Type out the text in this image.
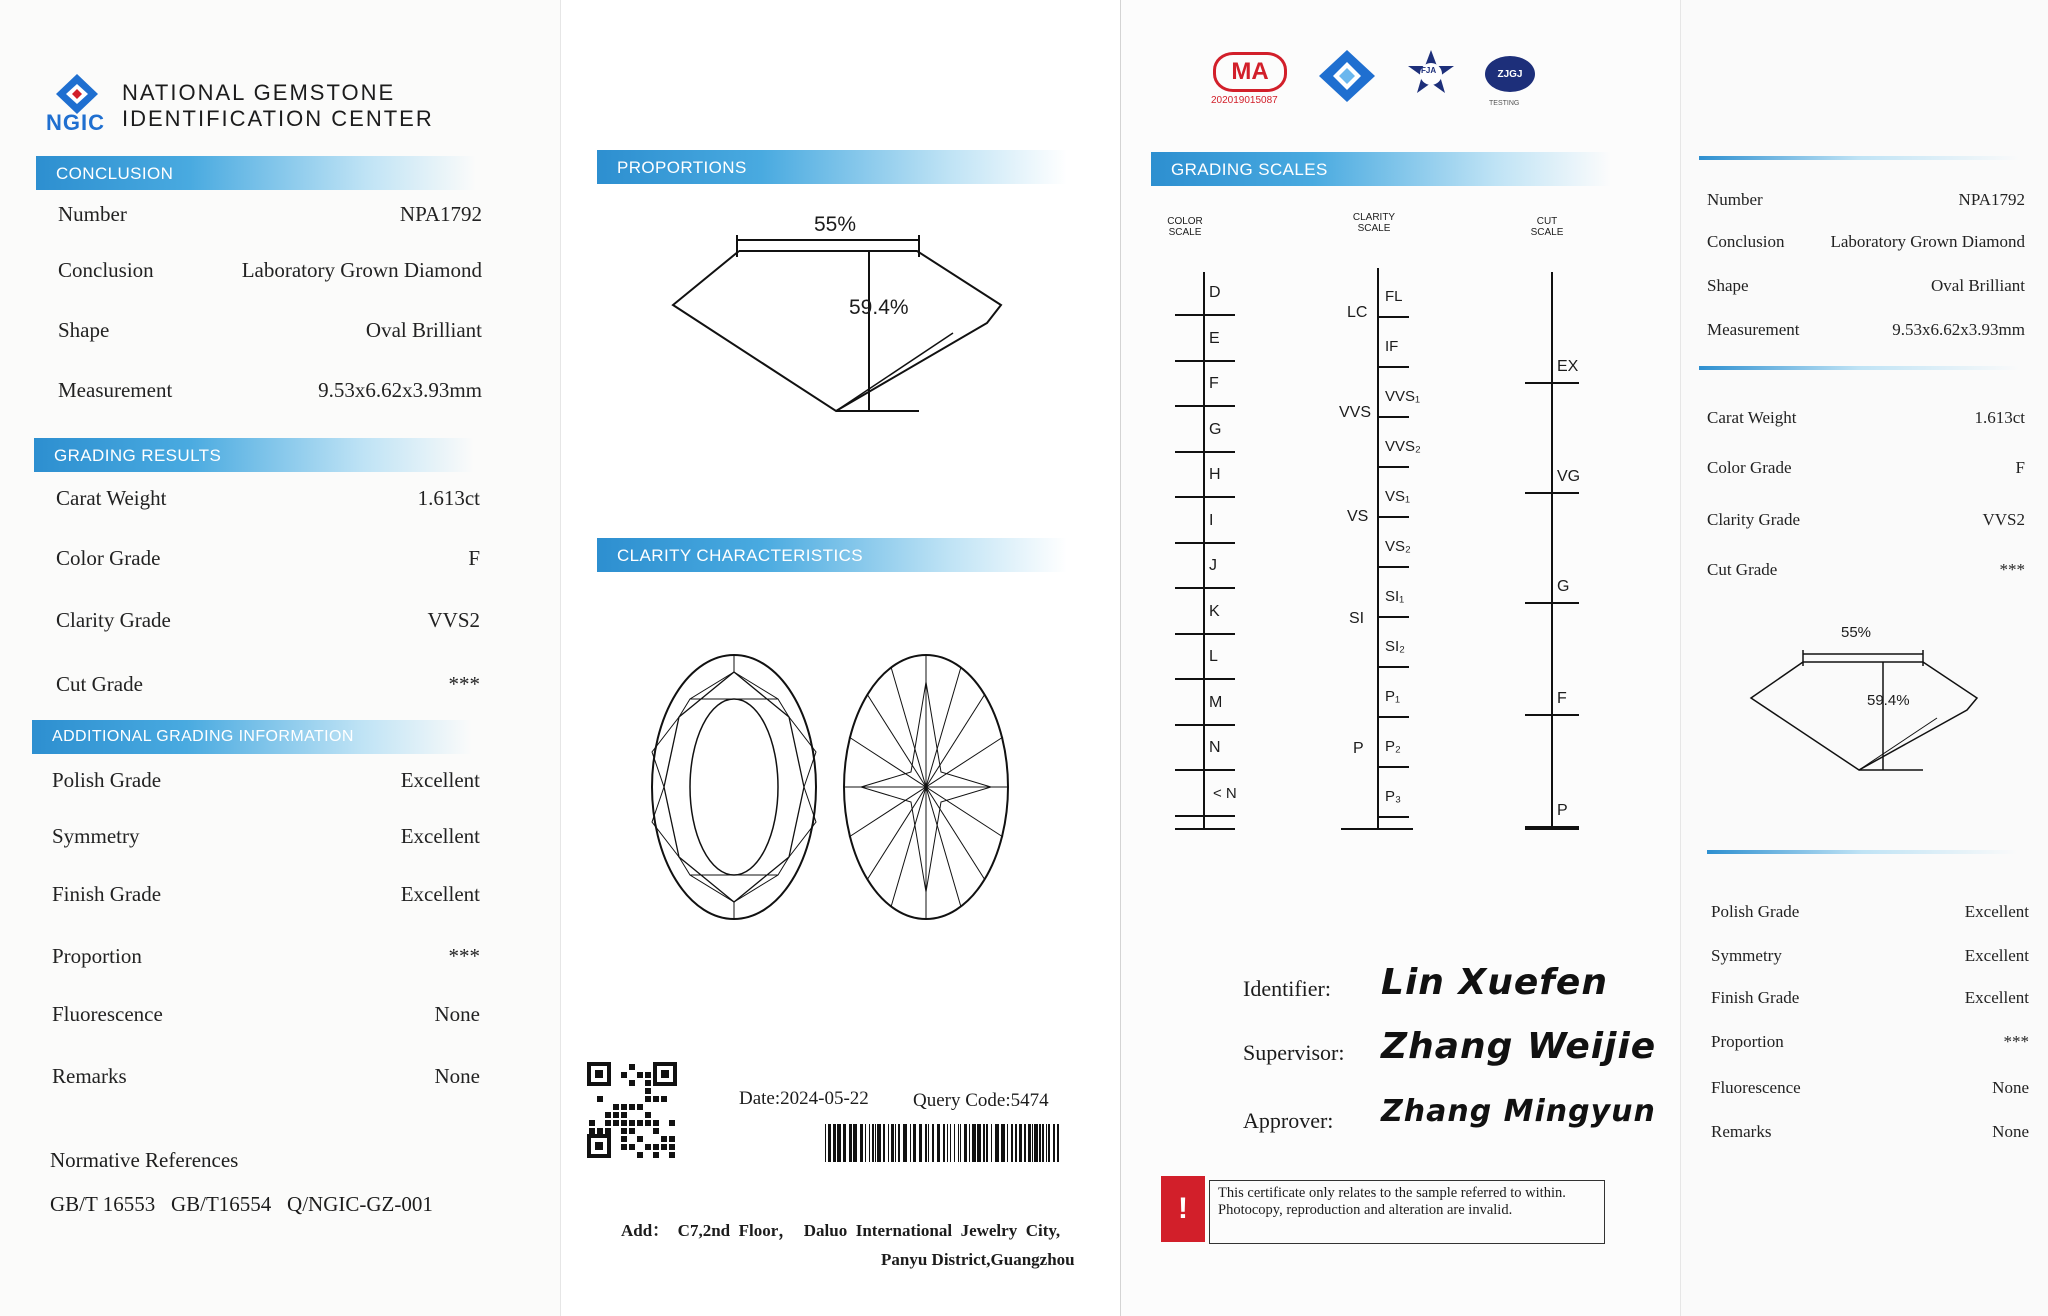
NGIC
NATIONAL GEMSTONE
IDENTIFICATION CENTER
CONCLUSION
Number	NPA1792
Conclusion	Laboratory Grown Diamond
Shape	Oval Brilliant
Measurement	9.53x6.62x3.93mm
GRADING RESULTS
Carat Weight	1.613ct
Color Grade	F
Clarity Grade	VVS2
Cut Grade	***
ADDITIONAL GRADING INFORMATION
Polish Grade	Excellent
Symmetry	Excellent
Finish Grade	Excellent
Proportion	***
Fluorescence	None
Remarks	None
Normative References
GB/T 16553   GB/T16554   Q/NGIC-GZ-001
PROPORTIONS
55%
59.4%
CLARITY CHARACTERISTICS
Date:2024-05-22 Query Code:5474
Add：  C7,2nd  Floor，  Daluo  International  Jewelry  City,
Panyu District,Guangzhou
MA
202019015087
FJA	ZJGJ
TESTING
GRADING SCALES
COLOR
SCALE
CLARITY
SCALE
CUT
SCALE
D
E
F
G
H
I
J
K
L
M
N
< N
FL
IF
VVS₁
VVS₂
VS₁
VS₂
SI₁
SI₂
P₁
P₂
P₃
LC
VVS
VS
SI
P
EX
VG
G
F
P
Identifier: Lin Xuefen
Supervisor: Zhang Weijie
Approver: Zhang Mingyun
!	This certificate only relates to the sample referred to within. Photocopy, reproduction and alteration are invalid.
Number	NPA1792
Conclusion	Laboratory Grown Diamond
Shape	Oval Brilliant
Measurement	9.53x6.62x3.93mm
Carat Weight	1.613ct
Color Grade	F
Clarity Grade	VVS2
Cut Grade	***
55%
59.4%
Polish Grade	Excellent
Symmetry	Excellent
Finish Grade	Excellent
Proportion	***
Fluorescence	None
Remarks	None
